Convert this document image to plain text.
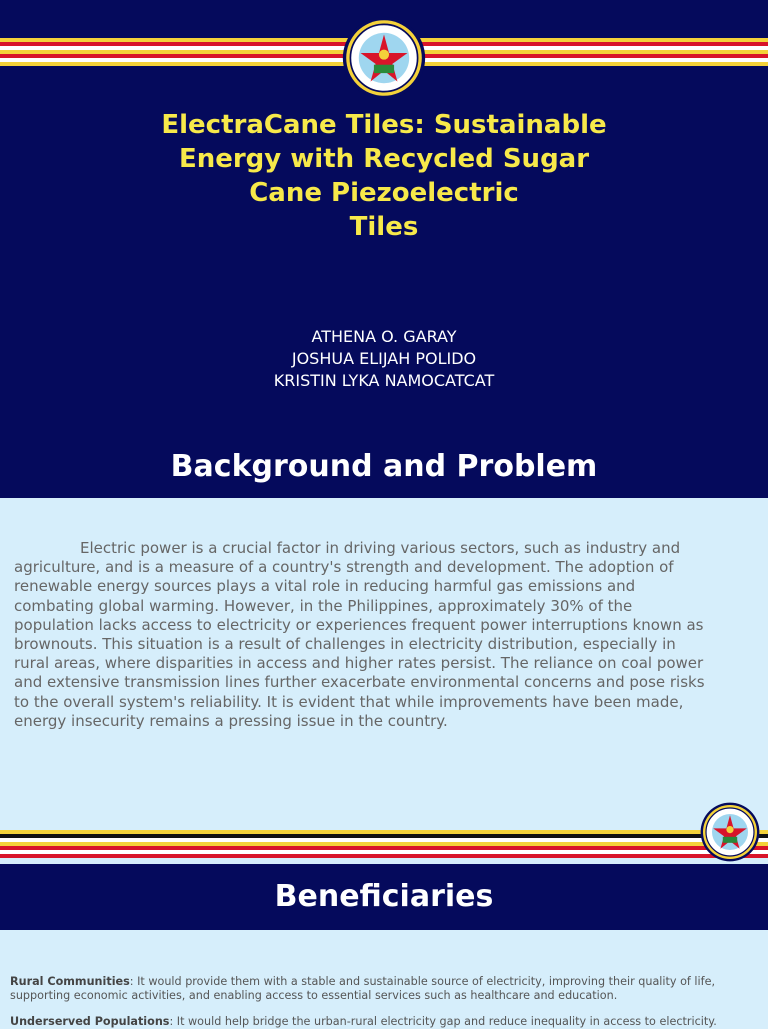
ElectraCane Tiles: Sustainable
Energy with Recycled Sugar
Cane Piezoelectric
Tiles
ATHENA O. GARAY
JOSHUA ELIJAH POLIDO
KRISTIN LYKA NAMOCATCAT
Background and Problem

Electric power is a crucial factor in driving various sectors, such as industry and
agriculture, and is a measure of a country's strength and development. The adoption of
renewable energy sources plays a vital role in reducing harmful gas emissions and
combating global warming. However, in the Philippines, approximately 30% of the
population lacks access to electricity or experiences frequent power interruptions known as
brownouts. This situation is a result of challenges in electricity distribution, especially in
rural areas, where disparities in access and higher rates persist. The reliance on coal power
and extensive transmission lines further exacerbate environmental concerns and pose risks
to the overall system's reliability. It is evident that while improvements have been made,
energy insecurity remains a pressing issue in the country.

Beneficiaries

Rural Communities: It would provide them with a stable and sustainable source of electricity, improving their quality of life,
supporting economic activities, and enabling access to essential services such as healthcare and education.

Underserved Populations: It would help bridge the urban-rural electricity gap and reduce inequality in access to electricity.
